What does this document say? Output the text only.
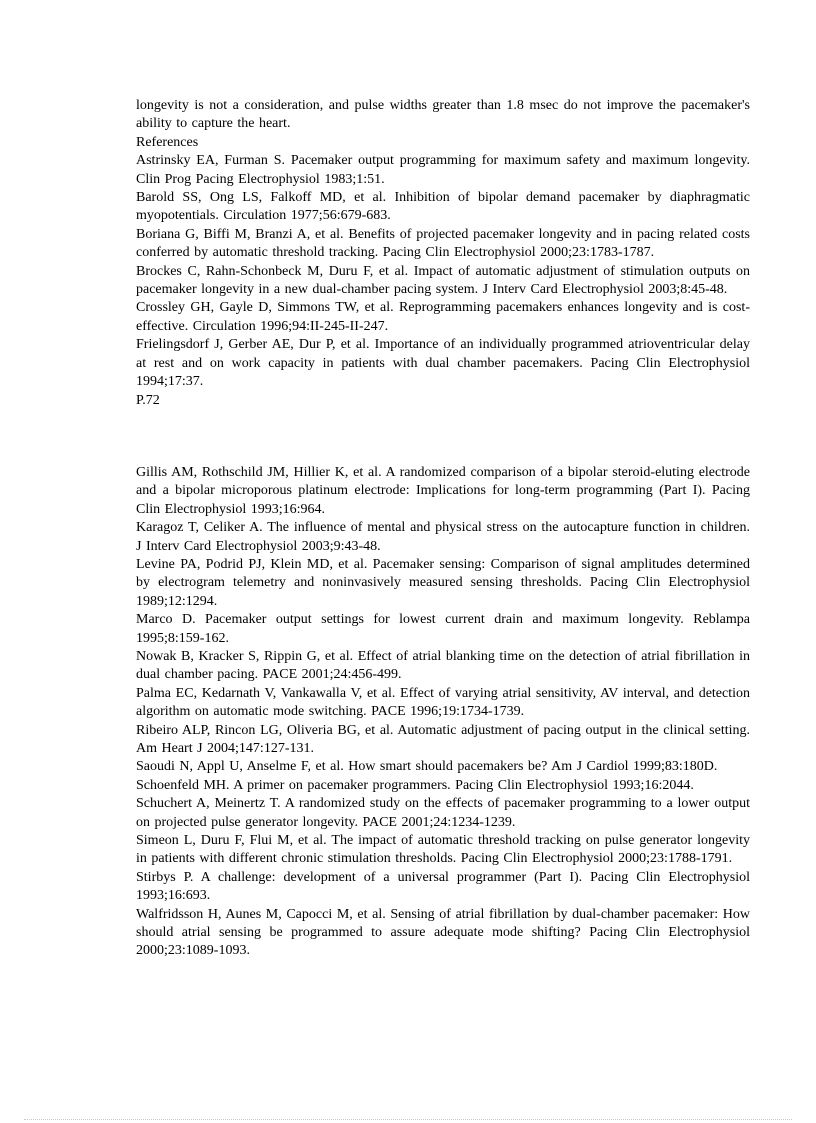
longevity is not a consideration, and pulse widths greater than 1.8 msec do not improve the pacemaker's ability to capture the heart.

References

Astrinsky EA, Furman S. Pacemaker output programming for maximum safety and maximum longevity. Clin Prog Pacing Electrophysiol 1983;1:51.

Barold SS, Ong LS, Falkoff MD, et al. Inhibition of bipolar demand pacemaker by diaphragmatic myopotentials. Circulation 1977;56:679-683.

Boriana G, Biffi M, Branzi A, et al. Benefits of projected pacemaker longevity and in pacing related costs conferred by automatic threshold tracking. Pacing Clin Electrophysiol 2000;23:1783-1787.

Brockes C, Rahn-Schonbeck M, Duru F, et al. Impact of automatic adjustment of stimulation outputs on pacemaker longevity in a new dual-chamber pacing system. J Interv Card Electrophysiol 2003;8:45-48.

Crossley GH, Gayle D, Simmons TW, et al. Reprogramming pacemakers enhances longevity and is cost-effective. Circulation 1996;94:II-245-II-247.

Frielingsdorf J, Gerber AE, Dur P, et al. Importance of an individually programmed atrioventricular delay at rest and on work capacity in patients with dual chamber pacemakers. Pacing Clin Electrophysiol 1994;17:37.

P.72

Gillis AM, Rothschild JM, Hillier K, et al. A randomized comparison of a bipolar steroid-eluting electrode and a bipolar microporous platinum electrode: Implications for long-term programming (Part I). Pacing Clin Electrophysiol 1993;16:964.

Karagoz T, Celiker A. The influence of mental and physical stress on the autocapture function in children. J Interv Card Electrophysiol 2003;9:43-48.

Levine PA, Podrid PJ, Klein MD, et al. Pacemaker sensing: Comparison of signal amplitudes determined by electrogram telemetry and noninvasively measured sensing thresholds. Pacing Clin Electrophysiol 1989;12:1294.

Marco D. Pacemaker output settings for lowest current drain and maximum longevity. Reblampa 1995;8:159-162.

Nowak B, Kracker S, Rippin G, et al. Effect of atrial blanking time on the detection of atrial fibrillation in dual chamber pacing. PACE 2001;24:456-499.

Palma EC, Kedarnath V, Vankawalla V, et al. Effect of varying atrial sensitivity, AV interval, and detection algorithm on automatic mode switching. PACE 1996;19:1734-1739.

Ribeiro ALP, Rincon LG, Oliveria BG, et al. Automatic adjustment of pacing output in the clinical setting. Am Heart J 2004;147:127-131.

Saoudi N, Appl U, Anselme F, et al. How smart should pacemakers be? Am J Cardiol 1999;83:180D.

Schoenfeld MH. A primer on pacemaker programmers. Pacing Clin Electrophysiol 1993;16:2044.

Schuchert A, Meinertz T. A randomized study on the effects of pacemaker programming to a lower output on projected pulse generator longevity. PACE 2001;24:1234-1239.

Simeon L, Duru F, Flui M, et al. The impact of automatic threshold tracking on pulse generator longevity in patients with different chronic stimulation thresholds. Pacing Clin Electrophysiol 2000;23:1788-1791.

Stirbys P. A challenge: development of a universal programmer (Part I). Pacing Clin Electrophysiol 1993;16:693.

Walfridsson H, Aunes M, Capocci M, et al. Sensing of atrial fibrillation by dual-chamber pacemaker: How should atrial sensing be programmed to assure adequate mode shifting? Pacing Clin Electrophysiol 2000;23:1089-1093.
